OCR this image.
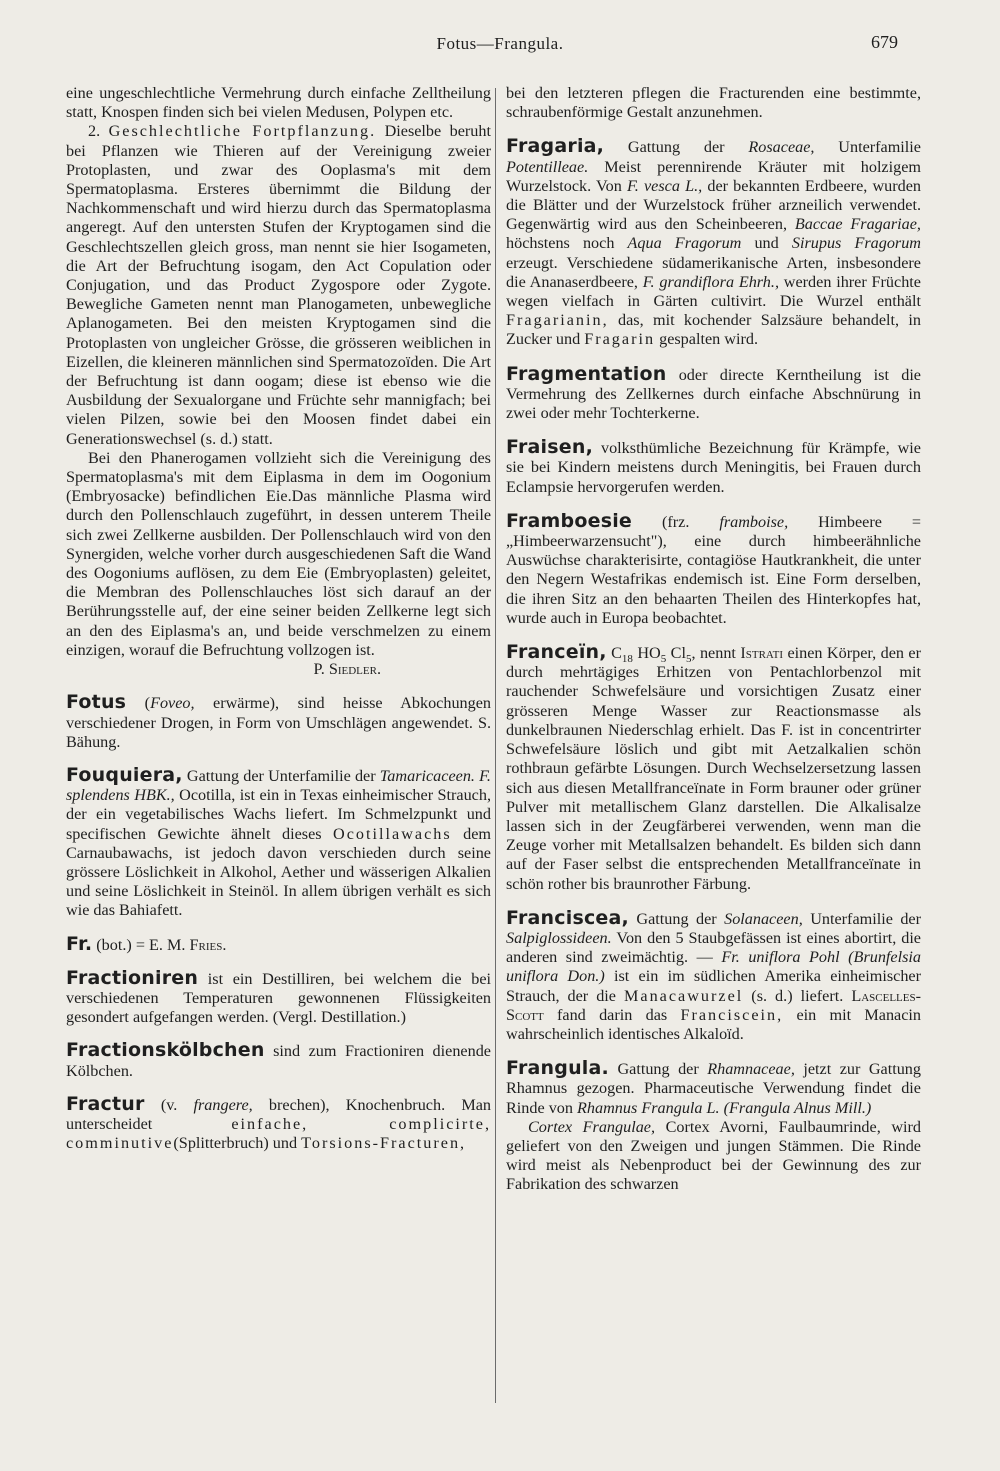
Fotus—Frangula.	679

eine ungeschlechtliche Vermehrung durch einfache Zelltheilung statt, Knospen finden sich bei vielen Medusen, Polypen etc.

2. Geschlechtliche Fortpflanzung. Dieselbe beruht bei Pflanzen wie Thieren auf der Vereinigung zweier Protoplasten, und zwar des Ooplasma's mit dem Spermatoplasma. Ersteres übernimmt die Bildung der Nachkommenschaft und wird hierzu durch das Spermatoplasma angeregt. Auf den untersten Stufen der Kryptogamen sind die Geschlechtszellen gleich gross, man nennt sie hier Isogameten, die Art der Befruchtung isogam, den Act Copulation oder Conjugation, und das Product Zygospore oder Zygote. Bewegliche Gameten nennt man Planogameten, unbewegliche Aplanogameten. Bei den meisten Kryptogamen sind die Protoplasten von ungleicher Grösse, die grösseren weiblichen in Eizellen, die kleineren männlichen sind Spermatozoïden. Die Art der Befruchtung ist dann oogam; diese ist ebenso wie die Ausbildung der Sexualorgane und Früchte sehr mannigfach; bei vielen Pilzen, sowie bei den Moosen findet dabei ein Generationswechsel (s. d.) statt.

Bei den Phanerogamen vollzieht sich die Vereinigung des Spermatoplasma's mit dem Eiplasma in dem im Oogonium (Embryosacke) befindlichen Eie.Das männliche Plasma wird durch den Pollenschlauch zugeführt, in dessen unterem Theile sich zwei Zellkerne ausbilden. Der Pollenschlauch wird von den Synergiden, welche vorher durch ausgeschiedenen Saft die Wand des Oogoniums auflösen, zu dem Eie (Embryoplasten) geleitet, die Membran des Pollenschlauches löst sich darauf an der Berührungsstelle auf, der eine seiner beiden Zellkerne legt sich an den des Eiplasma's an, und beide verschmelzen zu einem einzigen, worauf die Befruchtung vollzogen ist.

P. Siedler.

Fotus (Foveo, erwärme), sind heisse Abkochungen verschiedener Drogen, in Form von Umschlägen angewendet. S. Bähung.

Fouquiera, Gattung der Unterfamilie der Tamaricaceen. F. splendens HBK., Ocotilla, ist ein in Texas einheimischer Strauch, der ein vegetabilisches Wachs liefert. Im Schmelzpunkt und specifischen Gewichte ähnelt dieses Ocotillawachs dem Carnaubawachs, ist jedoch davon verschieden durch seine grössere Löslichkeit in Alkohol, Aether und wässerigen Alkalien und seine Löslichkeit in Steinöl. In allem übrigen verhält es sich wie das Bahiafett.

Fr. (bot.) = E. M. Fries.

Fractioniren ist ein Destilliren, bei welchem die bei verschiedenen Temperaturen gewonnenen Flüssigkeiten gesondert aufgefangen werden. (Vergl. Destillation.)

Fractionskölbchen sind zum Fractioniren dienende Kölbchen.

Fractur (v. frangere, brechen), Knochenbruch. Man unterscheidet einfache, complicirte, comminutive(Splitterbruch) und Torsions-Fracturen,

bei den letzteren pflegen die Fracturenden eine bestimmte, schraubenförmige Gestalt anzunehmen.

Fragaria, Gattung der Rosaceae, Unterfamilie Potentilleae. Meist perennirende Kräuter mit holzigem Wurzelstock. Von F. vesca L., der bekannten Erdbeere, wurden die Blätter und der Wurzelstock früher arzneilich verwendet. Gegenwärtig wird aus den Scheinbeeren, Baccae Fragariae, höchstens noch Aqua Fragorum und Sirupus Fragorum erzeugt. Verschiedene südamerikanische Arten, insbesondere die Ananaserdbeere, F. grandiflora Ehrh., werden ihrer Früchte wegen vielfach in Gärten cultivirt. Die Wurzel enthält Fragarianin, das, mit kochender Salzsäure behandelt, in Zucker und Fragarin gespalten wird.

Fragmentation oder directe Kerntheilung ist die Vermehrung des Zellkernes durch einfache Abschnürung in zwei oder mehr Tochterkerne.

Fraisen, volksthümliche Bezeichnung für Krämpfe, wie sie bei Kindern meistens durch Meningitis, bei Frauen durch Eclampsie hervorgerufen werden.

Framboesie (frz. framboise, Himbeere = „Himbeerwarzensucht"), eine durch himbeerähnliche Auswüchse charakterisirte, contagiöse Hautkrankheit, die unter den Negern Westafrikas endemisch ist. Eine Form derselben, die ihren Sitz an den behaarten Theilen des Hinterkopfes hat, wurde auch in Europa beobachtet.

Franceïn, $C_{18}$ $HO_5$ $Cl_5$, nennt Istrati einen Körper, den er durch mehrtägiges Erhitzen von Pentachlorbenzol mit rauchender Schwefelsäure und vorsichtigen Zusatz einer grösseren Menge Wasser zur Reactionsmasse als dunkelbraunen Niederschlag erhielt. Das F. ist in concentrirter Schwefelsäure löslich und gibt mit Aetzalkalien schön rothbraun gefärbte Lösungen. Durch Wechselzersetzung lassen sich aus diesen Metallfranceïnate in Form brauner oder grüner Pulver mit metallischem Glanz darstellen. Die Alkalisalze lassen sich in der Zeugfärberei verwenden, wenn man die Zeuge vorher mit Metallsalzen behandelt. Es bilden sich dann auf der Faser selbst die entsprechenden Metallfranceïnate in schön rother bis braunrother Färbung.

Franciscea, Gattung der Solanaceen, Unterfamilie der Salpiglossideen. Von den 5 Staubgefässen ist eines abortirt, die anderen sind zweimächtig. — Fr. uniflora Pohl (Brunfelsia uniflora Don.) ist ein im südlichen Amerika einheimischer Strauch, der die Manacawurzel (s. d.) liefert. Lascelles-Scott fand darin das Franciscein, ein mit Manacin wahrscheinlich identisches Alkaloïd.

Frangula. Gattung der Rhamnaceae, jetzt zur Gattung Rhamnus gezogen. Pharmaceutische Verwendung findet die Rinde von Rhamnus Frangula L. (Frangula Alnus Mill.)

Cortex Frangulae, Cortex Avorni, Faulbaumrinde, wird geliefert von den Zweigen und jungen Stämmen. Die Rinde wird meist als Nebenproduct bei der Gewinnung des zur Fabrikation des schwarzen
